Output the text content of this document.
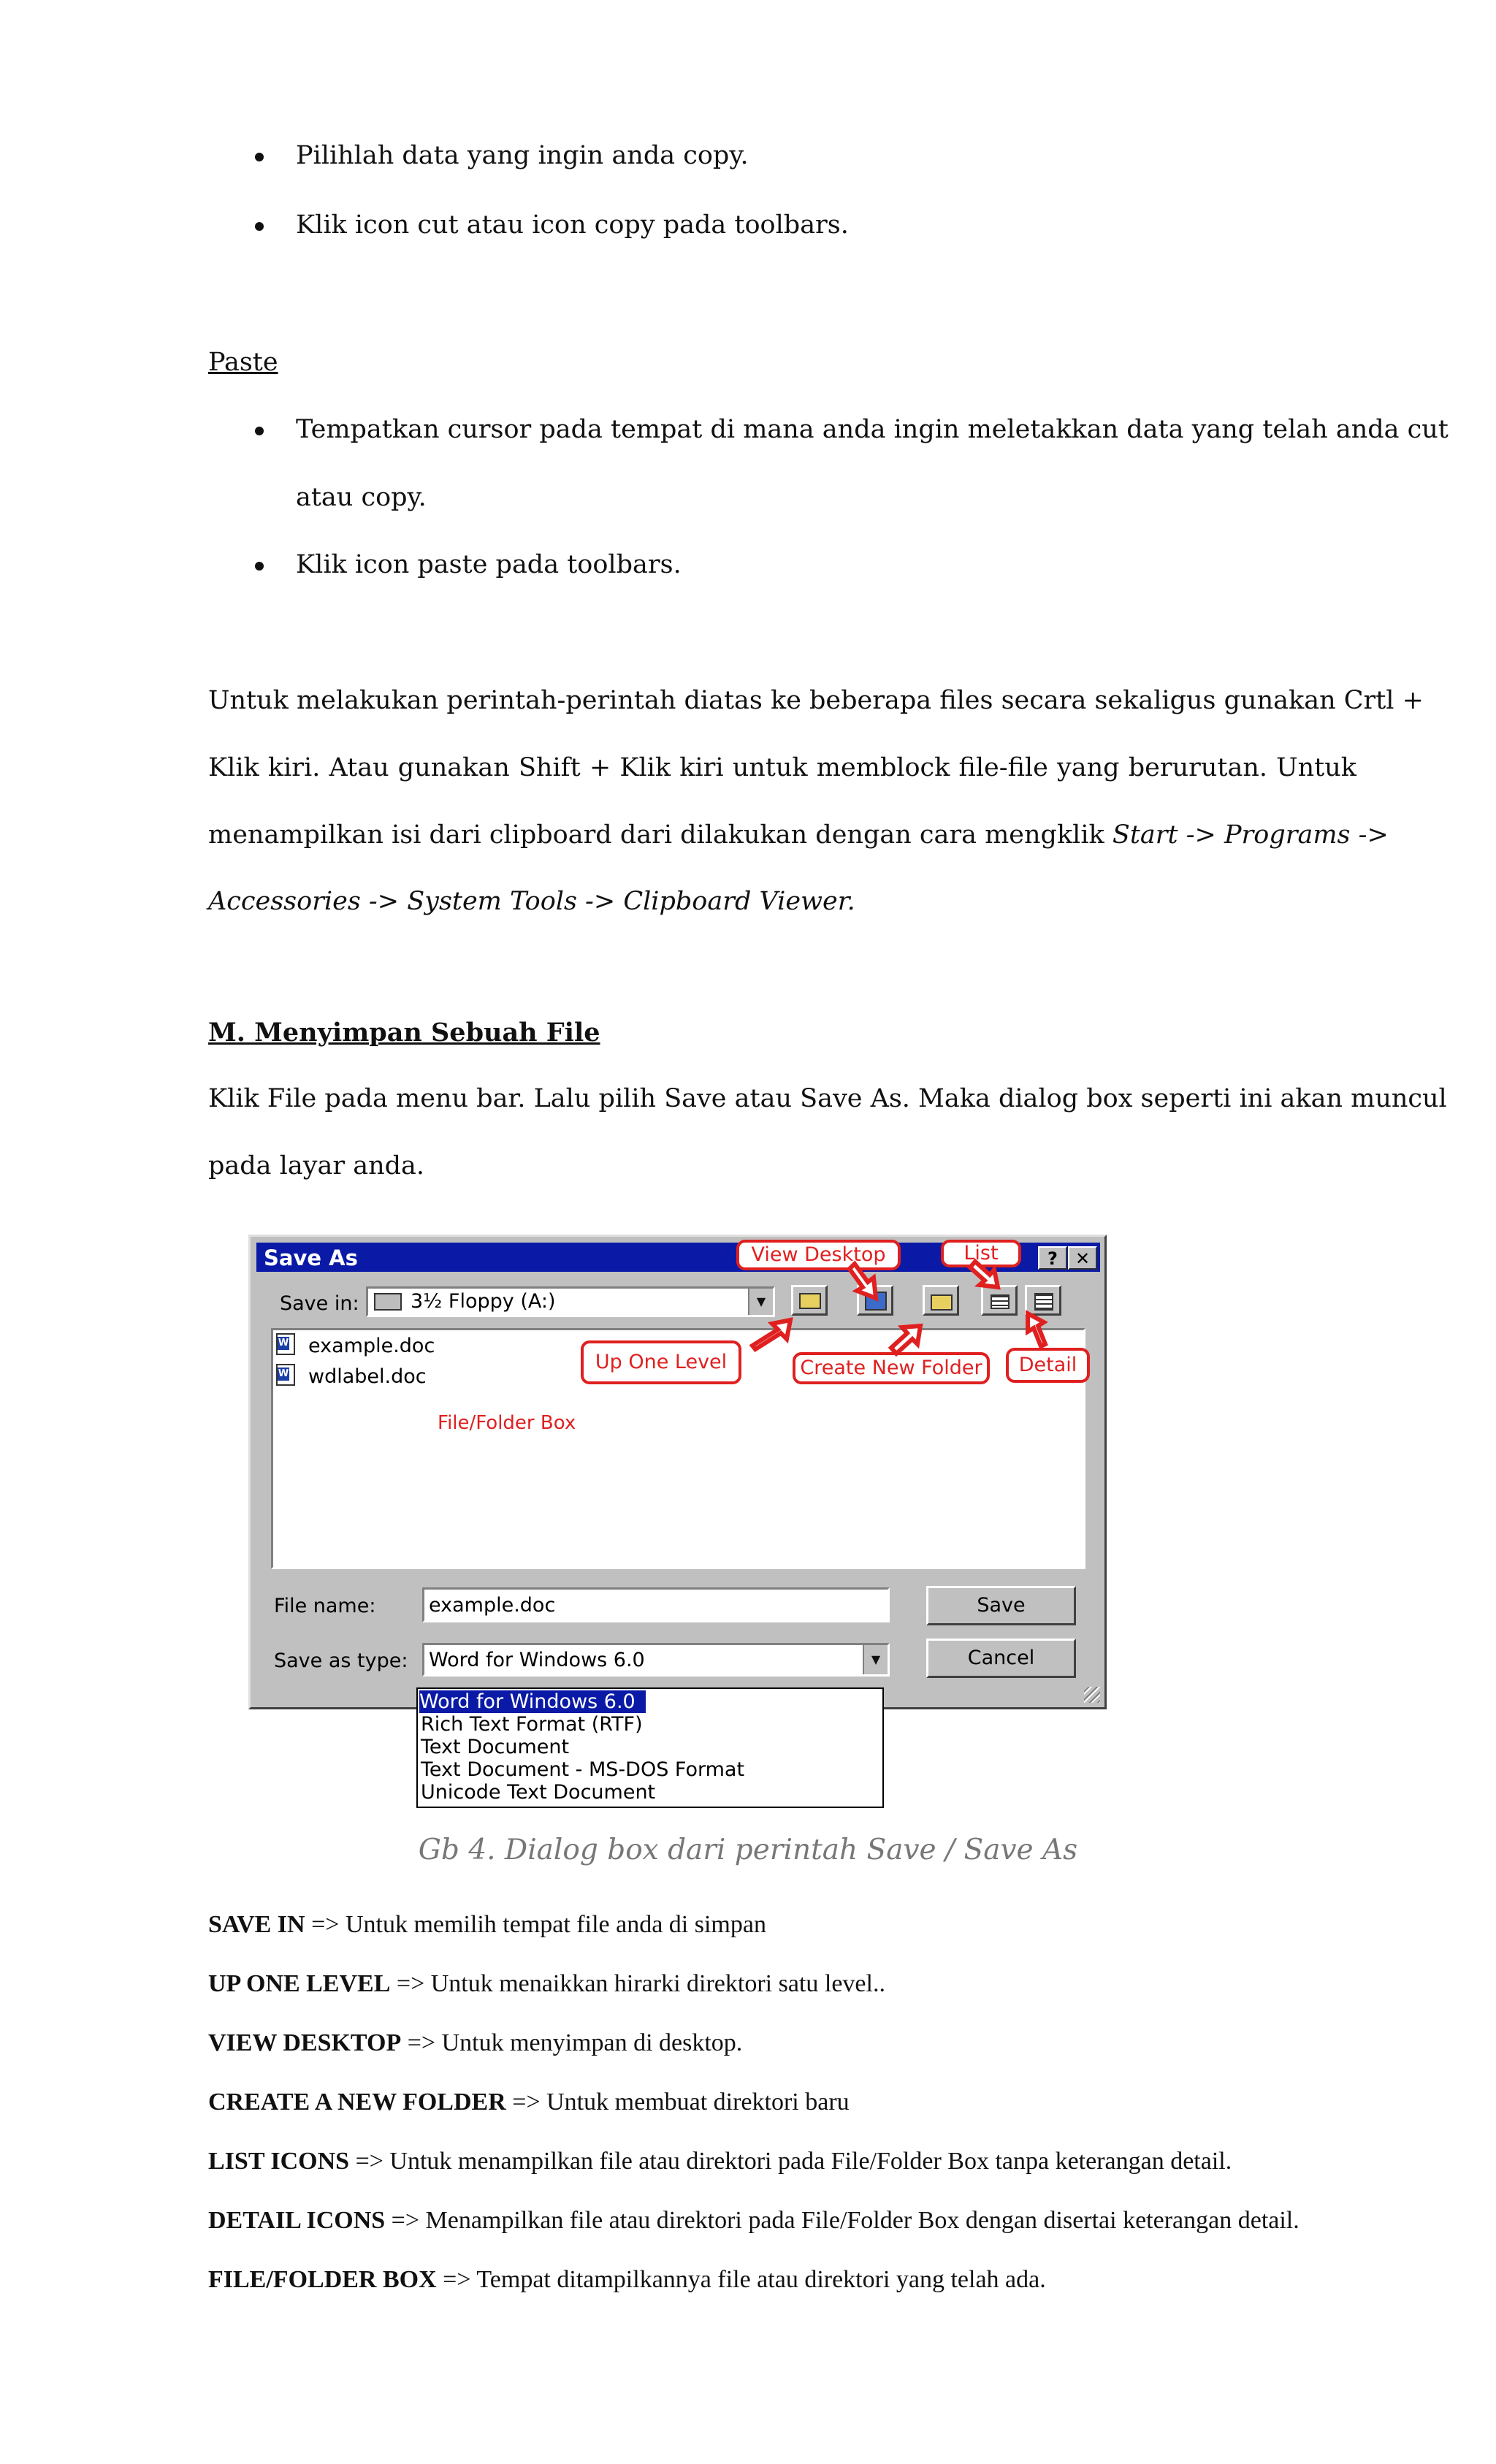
Pilihlah data yang ingin anda copy.
Klik icon cut atau icon copy pada toolbars.
Paste
Tempatkan cursor pada tempat di mana anda ingin meletakkan data yang telah anda cut
atau copy.
Klik icon paste pada toolbars.
Untuk melakukan perintah-perintah diatas ke beberapa files secara sekaligus gunakan Crtl +
Klik kiri. Atau gunakan Shift + Klik kiri untuk memblock file-file yang berurutan. Untuk
menampilkan isi dari clipboard dari dilakukan dengan cara mengklik Start -> Programs ->
Accessories -> System Tools -> Clipboard Viewer.
M. Menyimpan Sebuah File
Klik File pada menu bar. Lalu pilih Save atau Save As. Maka dialog box seperti ini akan muncul
pada layar anda.
Save As	? ✕
Save in:	3½ Floppy (A:)	▼
W example.doc
W wdlabel.doc
File/Folder Box
File name:	example.doc	Save
Save as type: Word for Windows 6.0	▼	Cancel
View Desktop	List
Up One Level	Create New Folder	Detail
Word for Windows 6.0
Rich Text Format (RTF)
Text Document
Text Document - MS-DOS Format
Unicode Text Document
Gb 4. Dialog box dari perintah Save / Save As
SAVE IN => Untuk memilih tempat file anda di simpan
UP ONE LEVEL => Untuk menaikkan hirarki direktori satu level..
VIEW DESKTOP => Untuk menyimpan di desktop.
CREATE A NEW FOLDER => Untuk membuat direktori baru
LIST ICONS => Untuk menampilkan file atau direktori pada File/Folder Box tanpa keterangan detail.
DETAIL ICONS => Menampilkan file atau direktori pada File/Folder Box dengan disertai keterangan detail.
FILE/FOLDER BOX => Tempat ditampilkannya file atau direktori yang telah ada.
